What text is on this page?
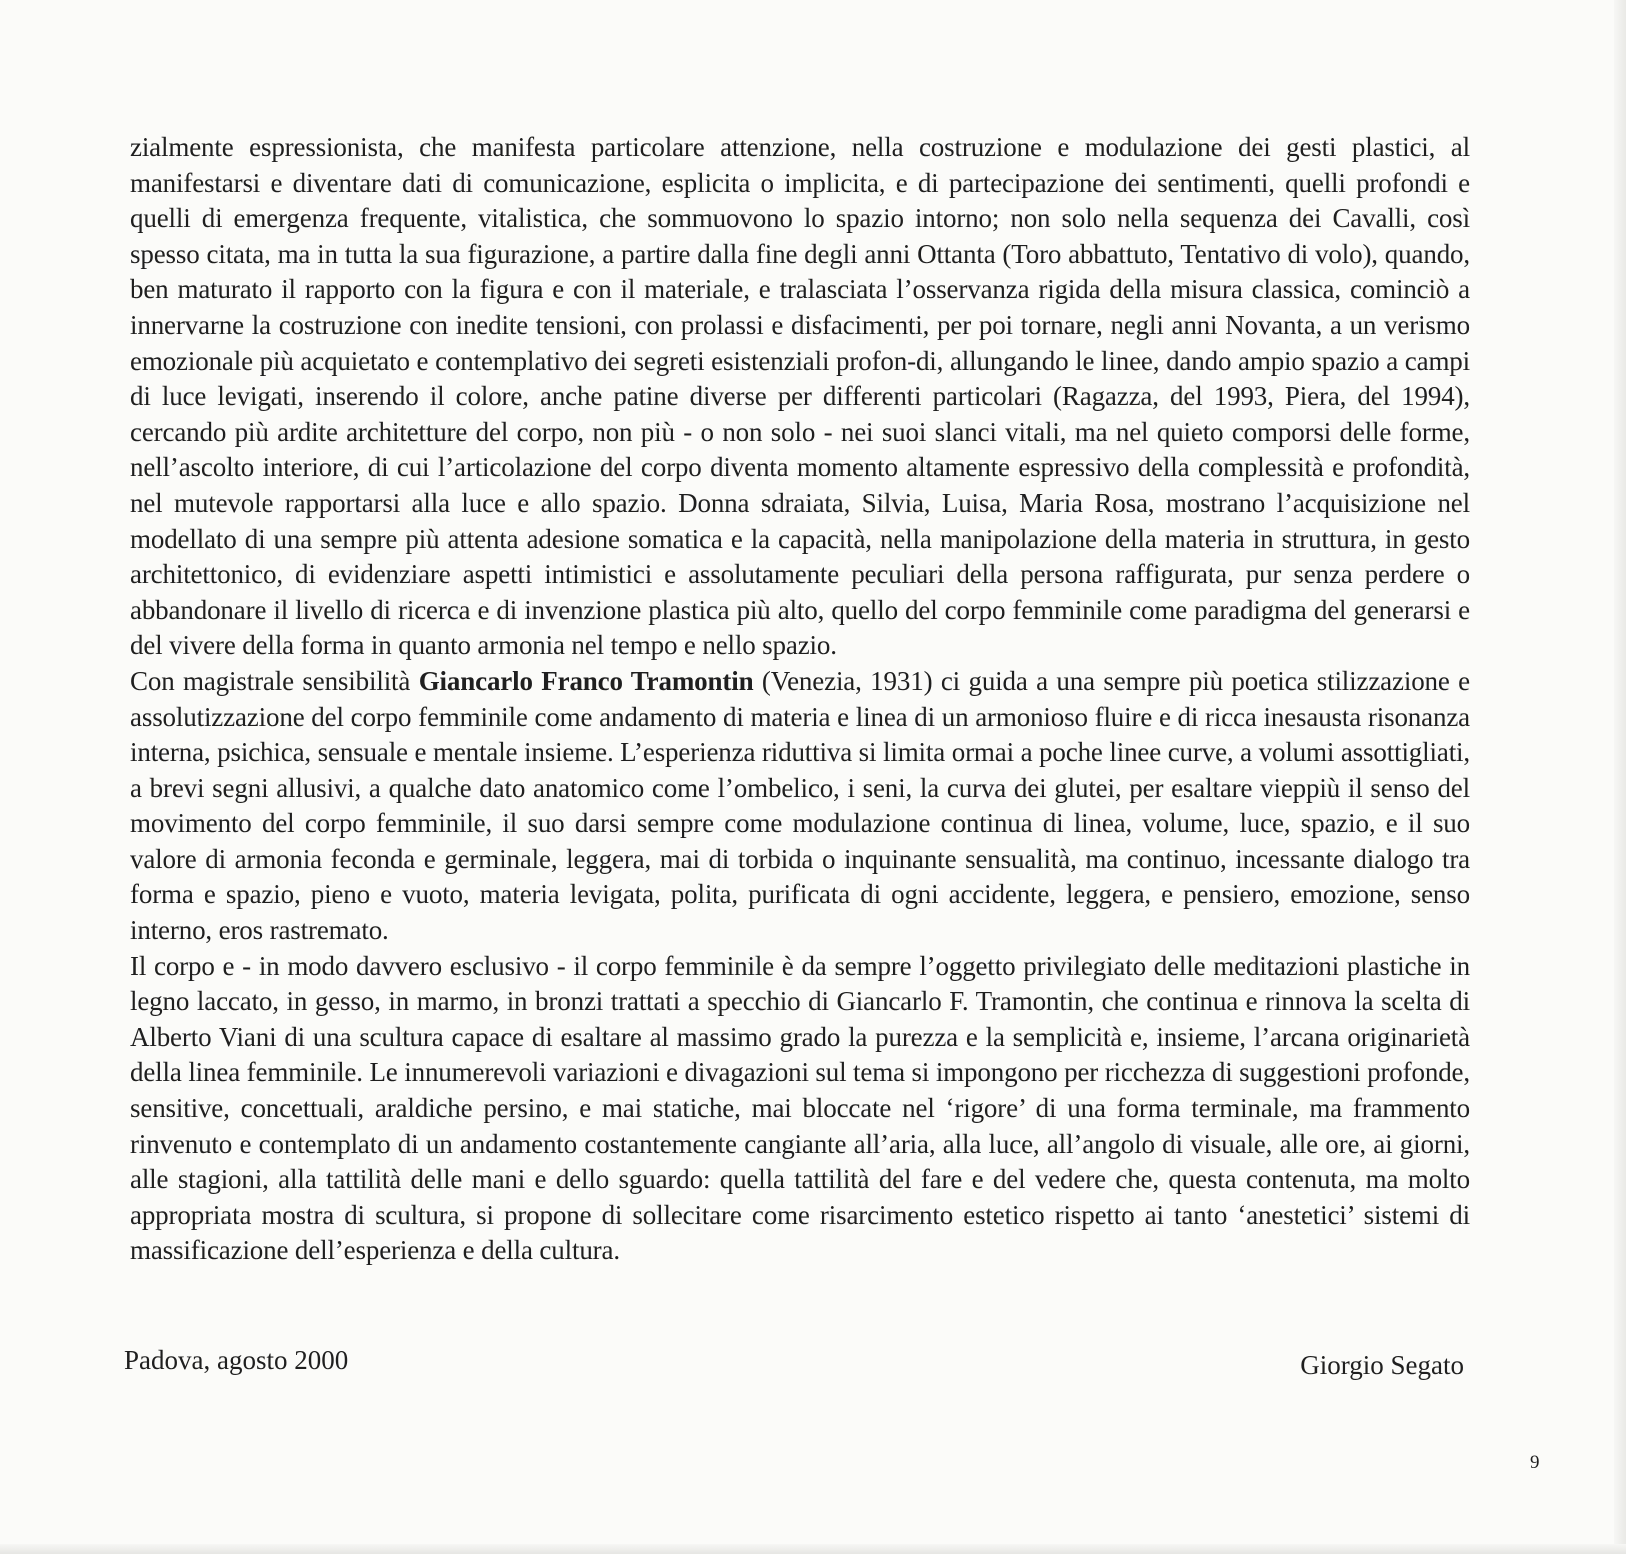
zialmente espressionista, che manifesta particolare attenzione, nella costruzione e modulazione dei gesti plastici, al manifestarsi e diventare dati di comunicazione, esplicita o implicita, e di partecipazione dei sentimenti, quelli profondi e quelli di emergenza frequente, vitalistica, che sommuovono lo spazio intorno; non solo nella sequenza dei Cavalli, così spesso citata, ma in tutta la sua figurazione, a partire dalla fine degli anni Ottanta (Toro abbattuto, Tentativo di volo), quando, ben maturato il rapporto con la figura e con il materiale, e tralasciata l’osservanza rigida della misura classica, cominciò a innervarne la costruzione con inedite tensioni, con prolassi e disfacimenti, per poi tornare, negli anni Novanta, a un verismo emozionale più acquietato e contemplativo dei segreti esistenziali profon-di, allungando le linee, dando ampio spazio a campi di luce levigati, inserendo il colore, anche patine diverse per differenti particolari (Ragazza, del 1993, Piera, del 1994), cercando più ardite architetture del corpo, non più - o non solo - nei suoi slanci vitali, ma nel quieto comporsi delle forme, nell’ascolto interiore, di cui l’articolazione del corpo diventa momento altamente espressivo della complessità e profondità, nel mutevole rapportarsi alla luce e allo spazio. Donna sdraiata, Silvia, Luisa, Maria Rosa, mostrano l’acquisizione nel modellato di una sempre più attenta adesione somatica e la capacità, nella manipolazione della materia in struttura, in gesto architettonico, di evidenziare aspetti intimistici e assolutamente peculiari della persona raffigurata, pur senza perdere o abbandonare il livello di ricerca e di invenzione plastica più alto, quello del corpo femminile come paradigma del generarsi e del vivere della forma in quanto armonia nel tempo e nello spazio.

Con magistrale sensibilità Giancarlo Franco Tramontin (Venezia, 1931) ci guida a una sempre più poetica stilizzazione e assolutizzazione del corpo femminile come andamento di materia e linea di un armonioso fluire e di ricca inesausta risonanza interna, psichica, sensuale e mentale insieme. L’esperienza riduttiva si limita ormai a poche linee curve, a volumi assottigliati, a brevi segni allusivi, a qualche dato anatomico come l’ombelico, i seni, la curva dei glutei, per esaltare vieppiù il senso del movimento del corpo femminile, il suo darsi sempre come modulazione continua di linea, volume, luce, spazio, e il suo valore di armonia feconda e germinale, leggera, mai di torbida o inquinante sensualità, ma continuo, incessante dialogo tra forma e spazio, pieno e vuoto, materia levigata, polita, purificata di ogni accidente, leggera, e pensiero, emozione, senso interno, eros rastremato.

Il corpo e - in modo davvero esclusivo - il corpo femminile è da sempre l’oggetto privilegiato delle meditazioni plastiche in legno laccato, in gesso, in marmo, in bronzi trattati a specchio di Giancarlo F. Tramontin, che continua e rinnova la scelta di Alberto Viani di una scultura capace di esaltare al massimo grado la purezza e la semplicità e, insieme, l’arcana originarietà della linea femminile. Le innumerevoli variazioni e divagazioni sul tema si impongono per ricchezza di suggestioni profonde, sensitive, concettuali, araldiche persino, e mai statiche, mai bloccate nel ‘rigore’ di una forma terminale, ma frammento rinvenuto e contemplato di un andamento costantemente cangiante all’aria, alla luce, all’angolo di visuale, alle ore, ai giorni, alle stagioni, alla tattilità delle mani e dello sguardo: quella tattilità del fare e del vedere che, questa contenuta, ma molto appropriata mostra di scultura, si propone di sollecitare come risarcimento estetico rispetto ai tanto ‘anestetici’ sistemi di massificazione dell’esperienza e della cultura.

Padova, agosto 2000	Giorgio Segato
9
